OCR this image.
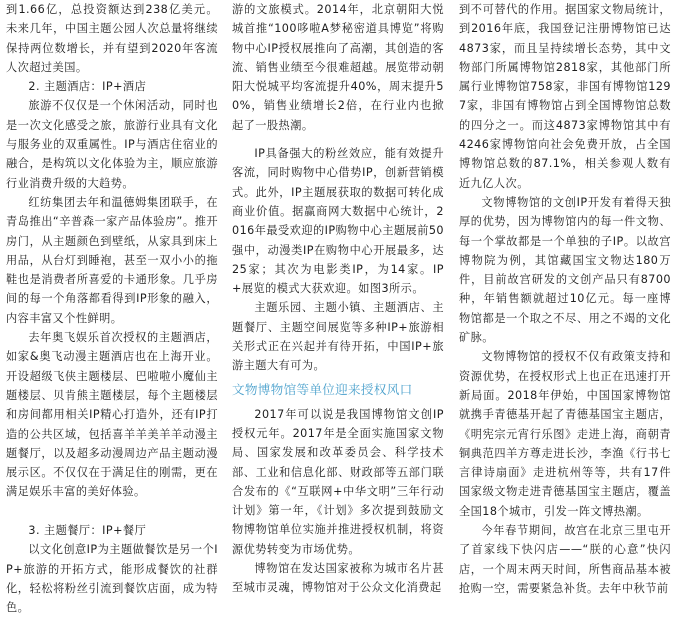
到1.66亿，总投资额达到238亿美元。未来几年，中国主题公园人次总量将继续保持两位数增长，并有望到2020年客流人次超过美国。

2. 主题酒店：IP+酒店

旅游不仅仅是一个休闲活动，同时也是一次文化感受之旅，旅游行业具有文化与服务业的双重属性。IP与酒店住宿业的融合，是构筑以文化体验为主，顺应旅游行业消费升级的大趋势。

红纺集团去年和温德姆集团联手，在青岛推出“辛普森一家产品体验房”。推开房门，从主题颜色到壁纸，从家具到床上用品，从台灯到睡袍，甚至一双小小的拖鞋也是消费者所喜爱的卡通形象。几乎房间的每一个角落都看得到IP形象的融入，内容丰富又个性鲜明。

去年奥飞娱乐首次授权的主题酒店，如家&奥飞动漫主题酒店也在上海开业。开设超级飞侠主题楼层、巴啦啦小魔仙主题楼层、贝肯熊主题楼层，每个主题楼层和房间都用相关IP精心打造外，还有IP打造的公共区域，包括喜羊羊美羊羊动漫主题餐厅，以及超多动漫周边产品主题动漫展示区。不仅仅在于满足住的刚需，更在满足娱乐丰富的美好体验。

3. 主题餐厅：IP+餐厅

以文化创意IP为主题做餐饮是另一个IP+旅游的开拓方式，能形成餐饮的社群化，轻松将粉丝引流到餐饮店面，成为特色。

游的文旅模式。2014年，北京朝阳大悦城首推“100哆啦A梦秘密道具博览”将购物中心IP授权展推向了高潮，其创造的客流、销售业绩至今很难超越。展览带动朝阳大悦城平均客流提升40%，周末提升50%，销售业绩增长2倍，在行业内也掀起了一股热潮。

IP具备强大的粉丝效应，能有效提升客流，同时购物中心借势IP，创新营销模式。此外，IP主题展获取的数据可转化成商业价值。据赢商网大数据中心统计，2016年最受欢迎的IP购物中心主题展前50强中，动漫类IP在购物中心开展最多，达25家；其次为电影类IP，为14家。IP+展览的模式大获欢迎。如图3所示。

主题乐园、主题小镇、主题酒店、主题餐厅、主题空间展览等多种IP+旅游相关形式正在兴起并有待开拓，中国IP+旅游主题大有可为。

文物博物馆等单位迎来授权风口

2017年可以说是我国博物馆文创IP授权元年。2017年是全面实施国家文物局、国家发展和改革委员会、科学技术部、工业和信息化部、财政部等五部门联合发布的《“互联网+中华文明”三年行动计划》第一年，《计划》多次提到鼓励文物博物馆单位实施并推进授权机制，将资源优势转变为市场优势。

博物馆在发达国家被称为城市名片甚至城市灵魂，博物馆对于公众文化消费起

到不可替代的作用。据国家文物局统计，到2016年底，我国登记注册博物馆已达4873家，而且呈持续增长态势，其中文物部门所属博物馆2818家，其他部门所属行业博物馆758家，非国有博物馆1297家，非国有博物馆占到全国博物馆总数的四分之一。而这4873家博物馆其中有4246家博物馆向社会免费开放，占全国博物馆总数的87.1%，相关参观人数有近九亿人次。

文物博物馆的文创IP开发有着得天独厚的优势，因为博物馆内的每一件文物、每一个掌故都是一个单独的子IP。以故宫博物院为例，其馆藏国宝文物达180万件，目前故宫研发的文创产品只有8700种，年销售额就超过10亿元。每一座博物馆都是一个取之不尽、用之不竭的文化矿脉。

文物博物馆的授权不仅有政策支持和资源优势，在授权形式上也正在迅速打开新局面。2018年伊始，中国国家博物馆就携手青德基开起了青德基国宝主题店，《明宪宗元宵行乐图》走进上海，商朝青铜典范四羊方尊走进长沙，李渔《行书七言律诗扇面》走进杭州等等，共有17件国家级文物走进青德基国宝主题店，覆盖全国18个城市，引发一阵文博热潮。

今年春节期间，故宫在北京三里屯开了首家线下快闪店——“朕的心意”快闪店，一个周末两天时间，所售商品基本被抢购一空，需要紧急补货。去年中秋节前
